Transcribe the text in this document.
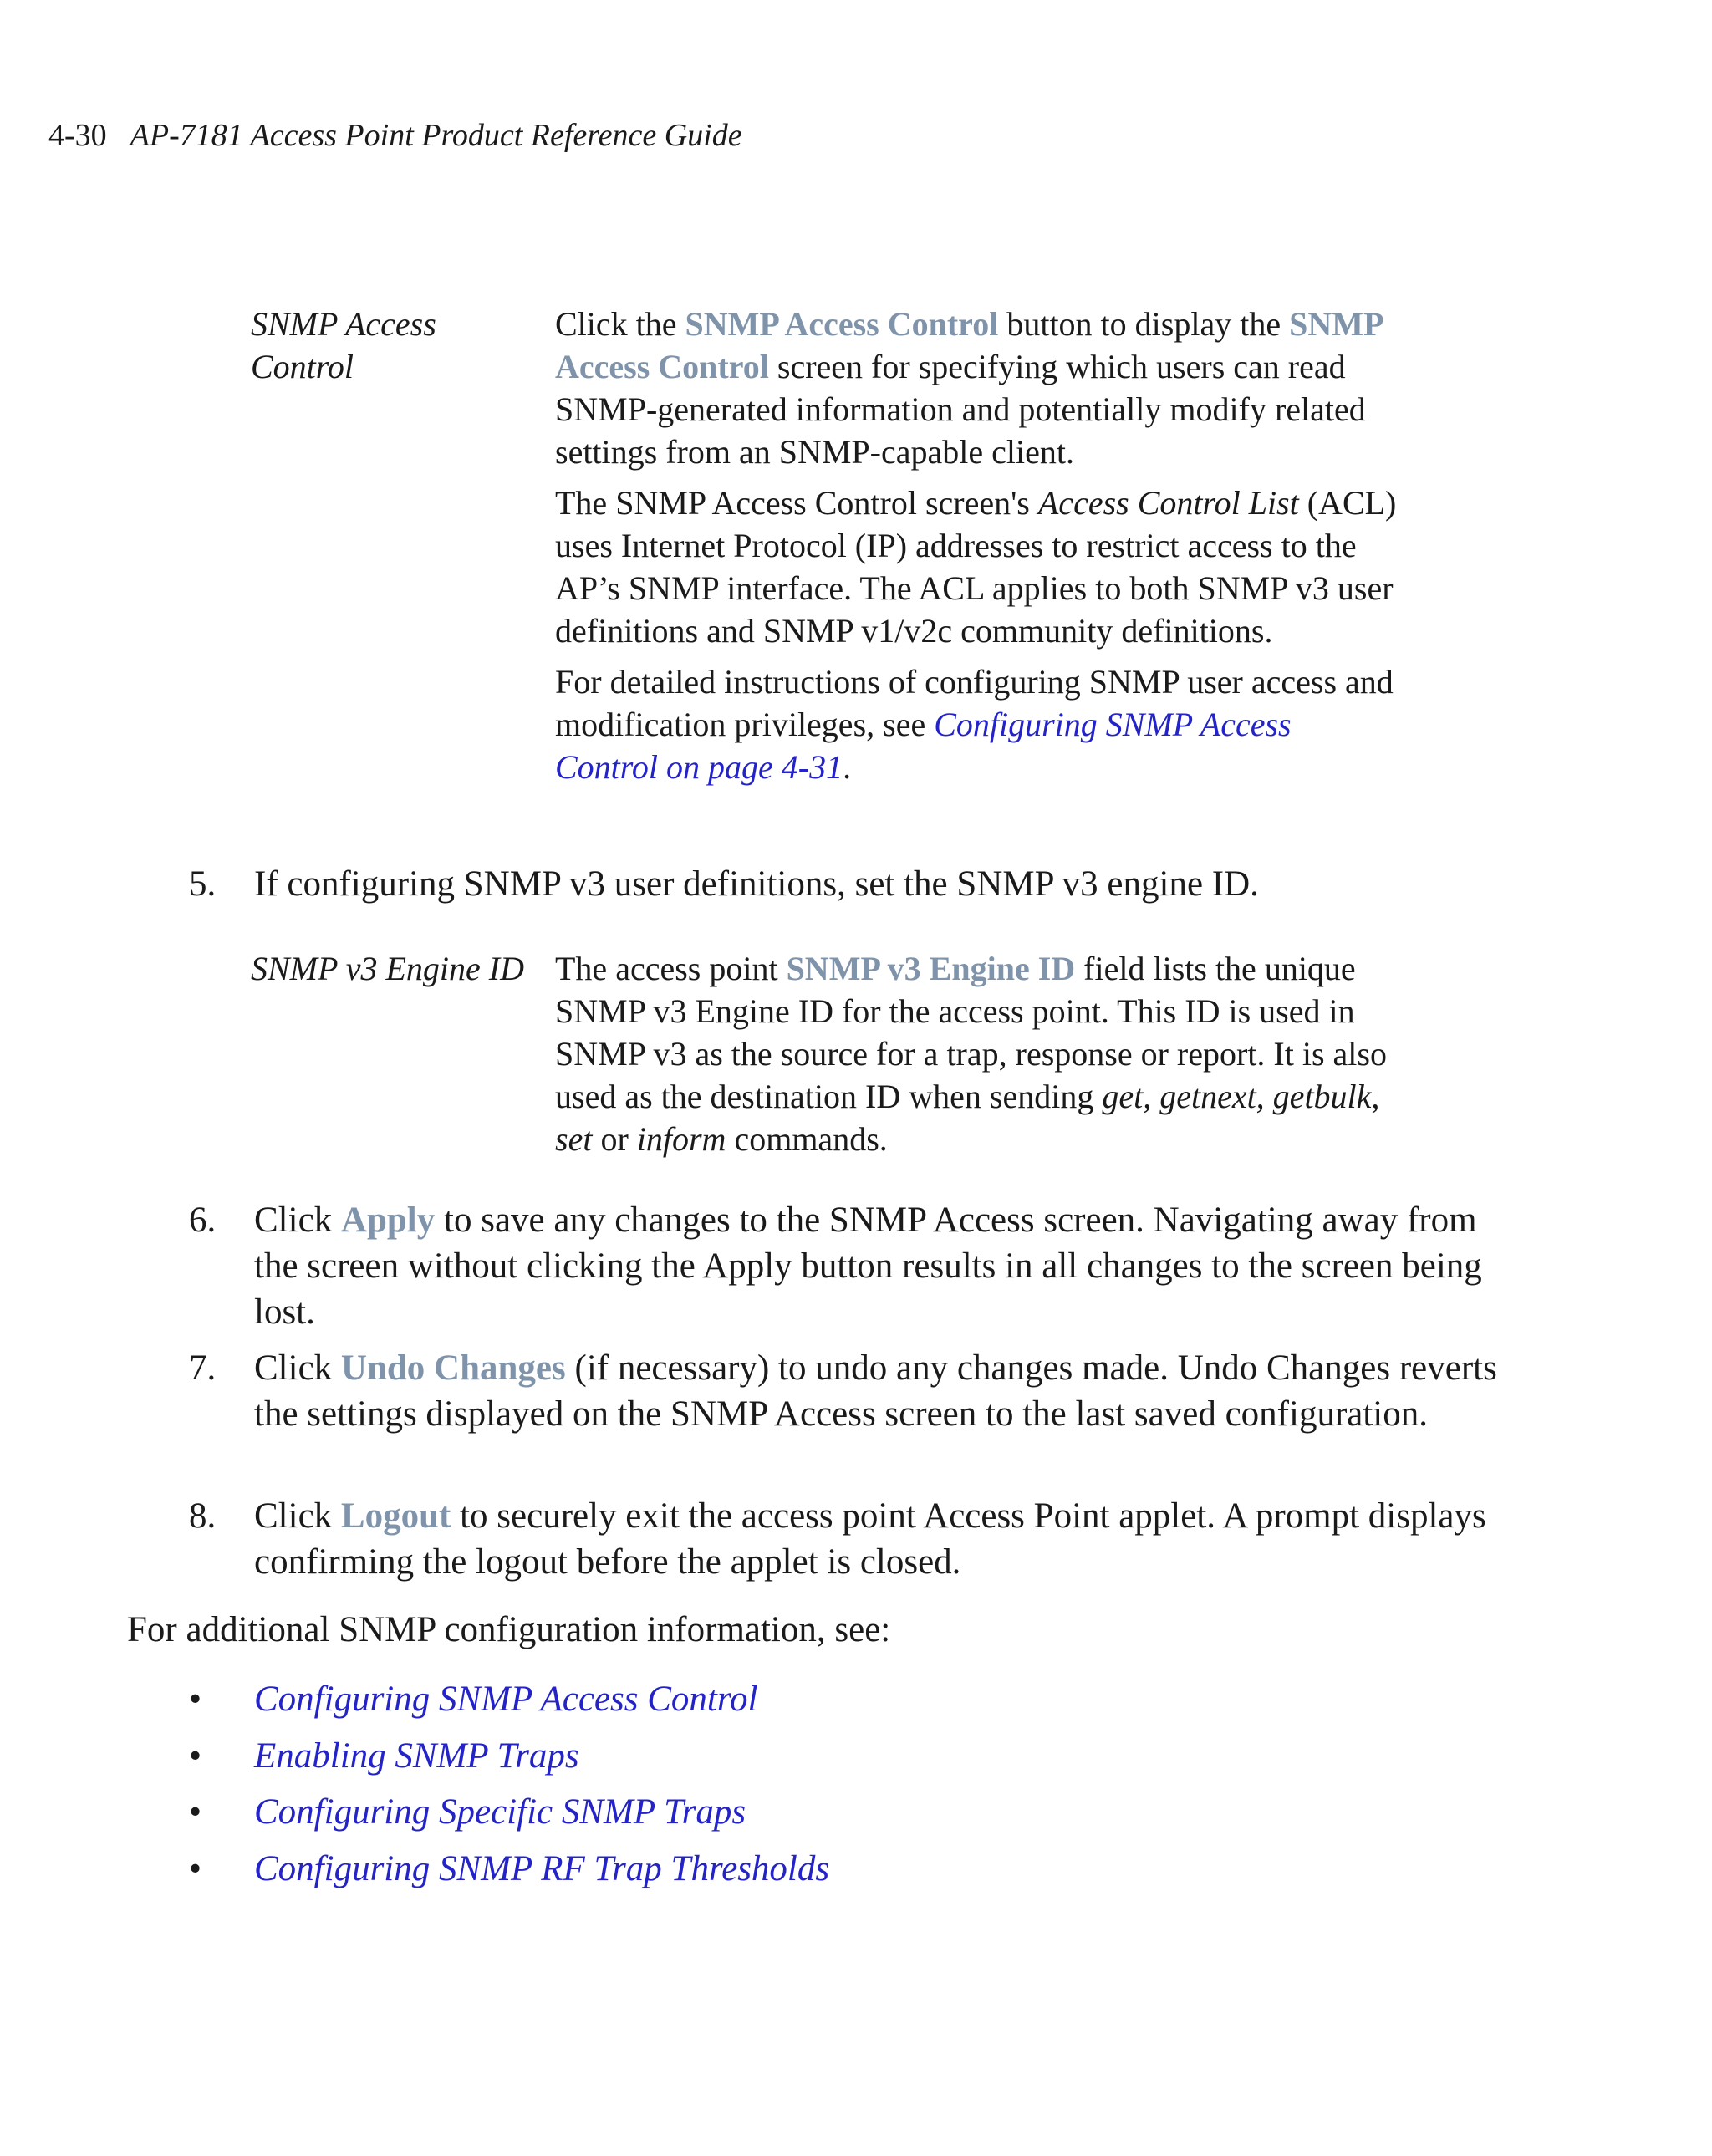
4-30 AP-7181 Access Point Product Reference Guide
SNMP Access
Control

Click the SNMP Access Control button to display the SNMP Access Control screen for specifying which users can read SNMP-generated information and potentially modify related settings from an SNMP-capable client.

The SNMP Access Control screen's Access Control List (ACL) uses Internet Protocol (IP) addresses to restrict access to the AP’s SNMP interface. The ACL applies to both SNMP v3 user definitions and SNMP v1/v2c community definitions.

For detailed instructions of configuring SNMP user access and modification privileges, see Configuring SNMP Access Control on page 4-31.

5. If configuring SNMP v3 user definitions, set the SNMP v3 engine ID.
SNMP v3 Engine ID The access point SNMP v3 Engine ID field lists the unique SNMP v3 Engine ID for the access point. This ID is used in SNMP v3 as the source for a trap, response or report. It is also used as the destination ID when sending get, getnext, getbulk, set or inform commands.

6. Click Apply to save any changes to the SNMP Access screen. Navigating away from the screen without clicking the Apply button results in all changes to the screen being lost.
7. Click Undo Changes (if necessary) to undo any changes made. Undo Changes reverts the settings displayed on the SNMP Access screen to the last saved configuration.
8. Click Logout to securely exit the access point Access Point applet. A prompt displays confirming the logout before the applet is closed.
For additional SNMP configuration information, see:
• Configuring SNMP Access Control
• Enabling SNMP Traps
• Configuring Specific SNMP Traps
• Configuring SNMP RF Trap Thresholds
